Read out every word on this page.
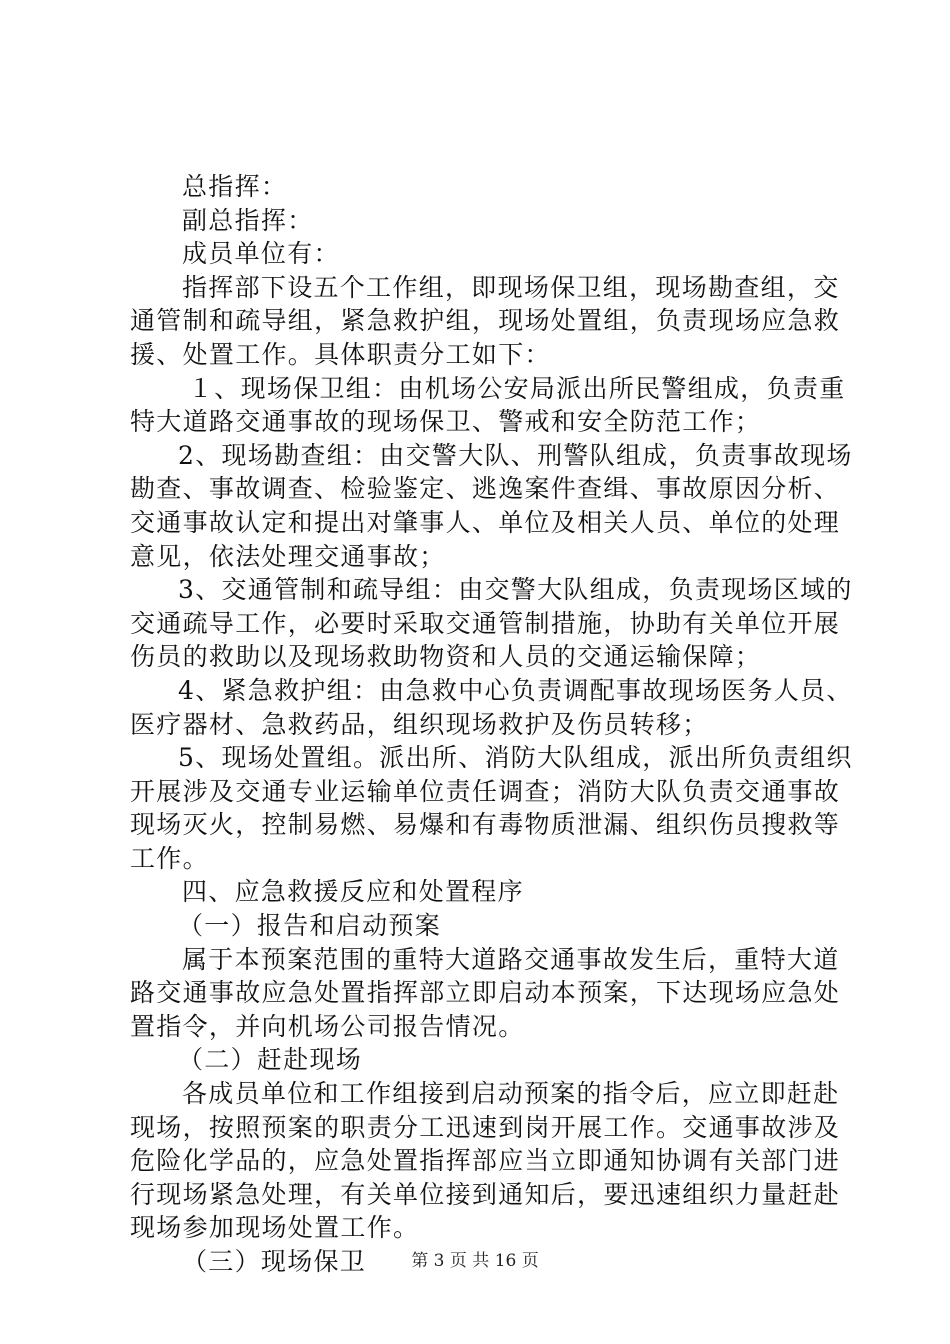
总指挥：
副总指挥：
成员单位有：
指挥部下设五个工作组，即现场保卫组，现场勘查组，交
通管制和疏导组，紧急救护组，现场处置组，负责现场应急救
援、处置工作。具体职责分工如下：
１、现场保卫组：由机场公安局派出所民警组成，负责重
特大道路交通事故的现场保卫、警戒和安全防范工作；
2、现场勘查组：由交警大队、刑警队组成，负责事故现场
勘查、事故调查、检验鉴定、逃逸案件查缉、事故原因分析、
交通事故认定和提出对肇事人、单位及相关人员、单位的处理
意见，依法处理交通事故；
3、交通管制和疏导组：由交警大队组成，负责现场区域的
交通疏导工作，必要时采取交通管制措施，协助有关单位开展
伤员的救助以及现场救助物资和人员的交通运输保障；
4、紧急救护组：由急救中心负责调配事故现场医务人员、
医疗器材、急救药品，组织现场救护及伤员转移；
5、现场处置组。派出所、消防大队组成，派出所负责组织
开展涉及交通专业运输单位责任调查；消防大队负责交通事故
现场灭火，控制易燃、易爆和有毒物质泄漏、组织伤员搜救等
工作。
四、应急救援反应和处置程序
（一）报告和启动预案
属于本预案范围的重特大道路交通事故发生后，重特大道
路交通事故应急处置指挥部立即启动本预案，下达现场应急处
置指令，并向机场公司报告情况。
（二）赶赴现场
各成员单位和工作组接到启动预案的指令后，应立即赶赴
现场，按照预案的职责分工迅速到岗开展工作。交通事故涉及
危险化学品的，应急处置指挥部应当立即通知协调有关部门进
行现场紧急处理，有关单位接到通知后，要迅速组织力量赶赴
现场参加现场处置工作。
（三）现场保卫	第 3 页 共 16 页
